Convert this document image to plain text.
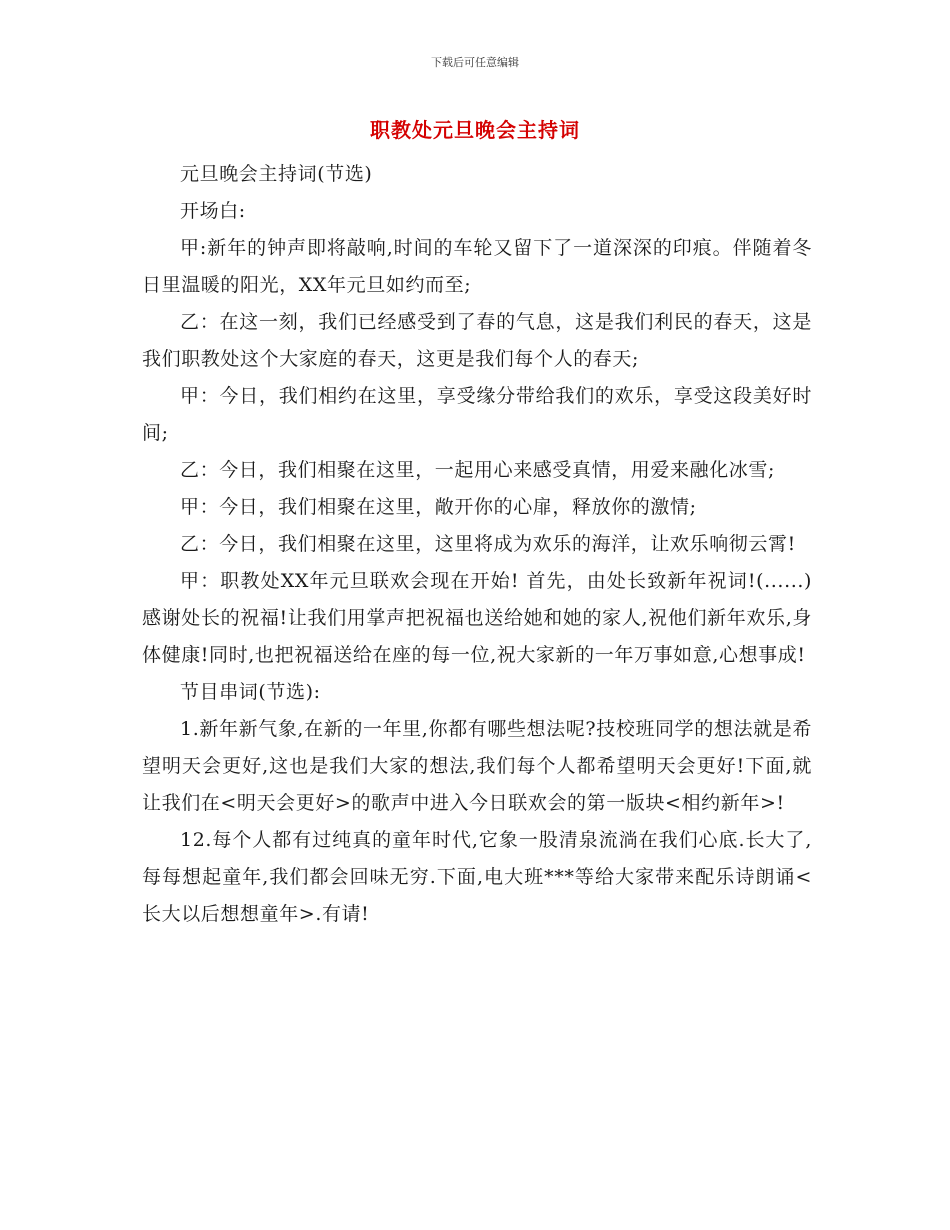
下载后可任意编辑
职教处元旦晚会主持词

元旦晚会主持词(节选)

开场白:

甲:新年的钟声即将敲响,时间的车轮又留下了一道深深的印痕。伴随着冬日里温暖的阳光，XX年元旦如约而至;

乙：在这一刻，我们已经感受到了春的气息，这是我们利民的春天，这是我们职教处这个大家庭的春天，这更是我们每个人的春天;

甲：今日，我们相约在这里，享受缘分带给我们的欢乐，享受这段美好时间;

乙：今日，我们相聚在这里，一起用心来感受真情，用爱来融化冰雪;

甲：今日，我们相聚在这里，敞开你的心扉，释放你的激情;

乙：今日，我们相聚在这里，这里将成为欢乐的海洋，让欢乐响彻云霄!

甲：职教处XX年元旦联欢会现在开始! 首先，由处长致新年祝词!(......)感谢处长的祝福!让我们用掌声把祝福也送给她和她的家人,祝他们新年欢乐,身体健康!同时,也把祝福送给在座的每一位,祝大家新的一年万事如意,心想事成!

节目串词(节选):

1.新年新气象,在新的一年里,你都有哪些想法呢?技校班同学的想法就是希望明天会更好,这也是我们大家的想法,我们每个人都希望明天会更好!下面,就让我们在<明天会更好>的歌声中进入今日联欢会的第一版块<相约新年>!

12.每个人都有过纯真的童年时代,它象一股清泉流淌在我们心底.长大了,每每想起童年,我们都会回味无穷.下面,电大班***等给大家带来配乐诗朗诵<长大以后想想童年>.有请!
